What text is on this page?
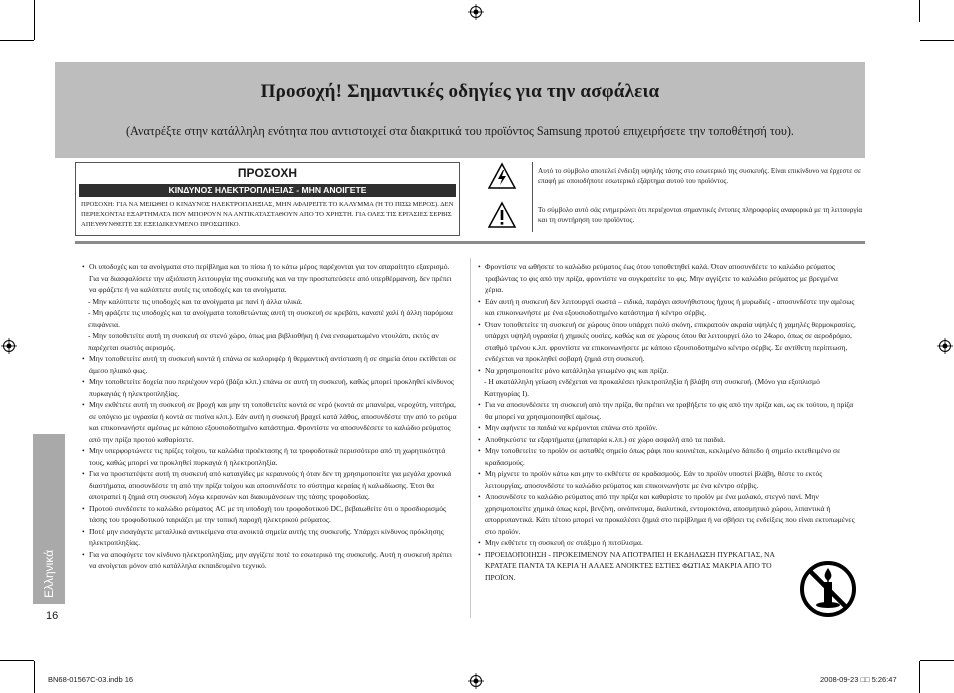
Προσοχή! Σημαντικές οδηγίες για την ασφάλεια
(Ανατρέξτε στην κατάλληλη ενότητα που αντιστοιχεί στα διακριτικά του προϊόντος Samsung προτού επιχειρήσετε την τοποθέτησή του).
ΠΡΟΣΟΧΗ
ΚΙΝΔΥΝΟΣ ΗΛΕΚΤΡΟΠΛΗΞΙΑΣ - ΜΗΝ ΑΝΟΙΓΕΤΕ
ΠΡΟΣΟΧΗ: ΓΙΑ ΝΑ ΜΕΙΩΘΕΙ Ο ΚΙΝΔΥΝΟΣ ΗΛΕΚΤΡΟΠΛΗΞΙΑΣ, ΜΗΝ ΑΦΑΙΡΕΙΤΕ ΤΟ ΚΑΛΥΜΜΑ (Ή ΤΟ ΠΙΣΩ ΜΕΡΟΣ). ΔΕΝ ΠΕΡΙΕΧΟΝΤΑΙ ΕΞΑΡΤΗΜΑΤΑ ΠΟΥ ΜΠΟΡΟΥΝ ΝΑ ΑΝΤΙΚΑΤΑΣΤΑΘΟΥΝ ΑΠΟ ΤΟ ΧΡΗΣΤΗ. ΓΙΑ ΟΛΕΣ ΤΙΣ ΕΡΓΑΣΙΕΣ ΣΕΡΒΙΣ ΑΠΕΥΘΥΝΘΕΙΤΕ ΣΕ ΕΞΕΙΔΙΚΕΥΜΕΝΟ ΠΡΟΣΩΠΙΚΟ.
Αυτό το σύμβολο αποτελεί ένδειξη υψηλής τάσης στο εσωτερικό της συσκευής. Είναι επικίνδυνο να έρχεστε σε επαφή με οποιοδήποτε εσωτερικό εξάρτημα αυτού του προϊόντος.
Το σύμβολο αυτό σάς ενημερώνει ότι περιέχονται σημαντικές έντυπες πληροφορίες αναφορικά με τη λειτουργία και τη συντήρηση του προϊόντος.
• Οι υποδοχές και τα ανοίγματα στο περίβλημα και το πίσω ή το κάτω μέρος παρέχονται για τον απαραίτητο εξαερισμό. Για να διασφαλίσετε την αξιόπιστη λειτουργία της συσκευής και να την προστατεύσετε από υπερθέρμανση, δεν πρέπει να φράζετε ή να καλύπτετε αυτές τις υποδοχές και τα ανοίγματα.
- Μην καλύπτετε τις υποδοχές και τα ανοίγματα με πανί ή άλλα υλικά.
- Μη φράζετε τις υποδοχές και τα ανοίγματα τοποθετώντας αυτή τη συσκευή σε κρεβάτι, καναπέ χαλί ή άλλη παρόμοια επιφάνεια.
- Μην τοποθετείτε αυτή τη συσκευή σε στενό χώρο, όπως μια βιβλιοθήκη ή ένα ενσωματωμένο ντουλάπι, εκτός αν παρέχεται σωστός αερισμός.
• Μην τοποθετείτε αυτή τη συσκευή κοντά ή επάνω σε καλοριφέρ ή θερμαντική αντίσταση ή σε σημεία όπου εκτίθεται σε άμεσο ηλιακό φως.
• Μην τοποθετείτε δοχεία που περιέχουν νερό (βάζα κλπ.) επάνω σε αυτή τη συσκευή, καθώς μπορεί προκληθεί κίνδυνος πυρκαγιάς ή ηλεκτροπληξίας.
• Μην εκθέτετε αυτή τη συσκευή σε βροχή και μην τη τοποθετείτε κοντά σε νερό (κοντά σε μπανιέρα, νεροχύτη, νιπτήρα, σε υπόγειο με υγρασία ή κοντά σε πισίνα κλπ.). Εάν αυτή η συσκευή βραχεί κατά λάθος, αποσυνδέστε την από το ρεύμα και επικοινωνήστε αμέσως με κάποιο εξουσιοδοτημένο κατάστημα. Φροντίστε να αποσυνδέσετε το καλώδιο ρεύματος από την πρίζα προτού καθαρίσετε.
• Μην υπερφορτώνετε τις πρίζες τοίχου, τα καλώδια προέκτασης ή τα τροφοδοτικά περισσότερο από τη χωρητικότητά τους, καθώς μπορεί να προκληθεί πυρκαγιά ή ηλεκτροπληξία.
• Για να προστατέψετε αυτή τη συσκευή από καταιγίδες με κεραυνούς ή όταν δεν τη χρησιμοποιείτε για μεγάλα χρονικά διαστήματα, αποσυνδέστε τη από την πρίζα τοίχου και αποσυνδέστε το σύστημα κεραίας ή καλωδίωσης. Έτσι θα αποτραπεί η ζημιά στη συσκευή λόγω κεραυνών και διακυμάνσεων της τάσης τροφοδοσίας.
• Προτού συνδέσετε το καλώδιο ρεύματος AC με τη υποδοχή του τροφοδοτικού DC, βεβαιωθείτε ότι ο προσδιορισμός τάσης του τροφοδοτικού ταιριάζει με την τοπική παροχή ηλεκτρικού ρεύματος.
• Ποτέ μην εισαγάγετε μεταλλικά αντικείμενα στα ανοικτά σημεία αυτής της συσκευής. Υπάρχει κίνδυνος πρόκλησης ηλεκτροπληξίας.
• Για να αποφύγετε τον κίνδυνο ηλεκτροπληξίας, μην αγγίζετε ποτέ το εσωτερικό της συσκευής. Αυτή η συσκευή πρέπει να ανοίγεται μόνον από κατάλληλα εκπαιδευμένο τεχνικό.
• Φροντίστε να ωθήσετε το καλώδιο ρεύματος έως ότου τοποθετηθεί καλά. Όταν αποσυνδέετε το καλώδιο ρεύματος τραβώντας το φις από την πρίζα, φροντίστε να συγκρατείτε το φις. Μην αγγίζετε το καλώδιο ρεύματος με βρεγμένα χέρια.
• Εάν αυτή η συσκευή δεν λειτουργεί σωστά – ειδικά, παράγει ασυνήθιστους ήχους ή μυρωδιές - αποσυνδέστε την αμέσως και επικοινωνήστε με ένα εξουσιοδοτημένο κατάστημα ή κέντρο σέρβις.
• Όταν τοποθετείτε τη συσκευή σε χώρους όπου υπάρχει πολύ σκόνη, επικρατούν ακραία υψηλές ή χαμηλές θερμοκρασίες, υπάρχει υψηλή υγρασία ή χημικές ουσίες, καθώς και σε χώρους όπου θα λειτουργεί όλο το 24ωρο, όπως σε αεροδρόμιο, σταθμό τρένου κ.λπ. φροντίστε να επικοινωνήσετε με κάποιο εξουσιοδοτημένο κέντρο σέρβις. Σε αντίθετη περίπτωση, ενδέχεται να προκληθεί σοβαρή ζημιά στη συσκευή.
• Να χρησιμοποιείτε μόνο κατάλληλα γειωμένο φις και πρίζα.
- Η ακατάλληλη γείωση ενδέχεται να προκαλέσει ηλεκτροπληξία ή βλάβη στη συσκευή. (Μόνο για εξοπλισμό Κατηγορίας I).
• Για να αποσυνδέσετε τη συσκευή από την πρίζα, θα πρέπει να τραβήξετε το φις από την πρίζα και, ως εκ τούτου, η πρίζα θα μπορεί να χρησιμοποιηθεί αμέσως.
• Μην αφήνετε τα παιδιά να κρέμονται επάνω στο προϊόν.
• Αποθηκεύστε τα εξαρτήματα (μπαταρία κ.λπ.) σε χώρο ασφαλή από τα παιδιά.
• Μην τοποθετείτε το προϊόν σε ασταθές σημείο όπως ράφι που κουνιέται, κεκλιμένο δάπεδο ή σημείο εκτεθειμένο σε κραδασμούς.
• Μη ρίχνετε το προϊόν κάτω και μην το εκθέτετε σε κραδασμούς. Εάν το προϊόν υποστεί βλάβη, θέστε το εκτός λειτουργίας, αποσυνδέστε το καλώδιο ρεύματος και επικοινωνήστε με ένα κέντρο σέρβις.
• Αποσυνδέστε το καλώδιο ρεύματος από την πρίζα και καθαρίστε το προϊόν με ένα μαλακό, στεγνό πανί. Μην χρησιμοποιείτε χημικά όπως κερί, βενζίνη, οινόπνευμα, διαλυτικά, εντομοκτόνα, αποσμητικό χώρου, λιπαντικά ή απορρυπαντικά. Κάτι τέτοιο μπορεί να προκαλέσει ζημιά στο περίβλημα ή να σβήσει τις ενδείξεις που είναι εκτυπωμένες στο προϊόν.
• Μην εκθέτετε τη συσκευή σε στάξιμο ή πιτσίλισμα.
• ΠΡΟΕΙΔΟΠΟΙΗΣΗ - ΠΡΟΚΕΙΜΕΝΟΥ ΝΑ ΑΠΟΤΡΑΠΕΙ Η ΕΚΔΗΛΩΣΗ ΠΥΡΚΑΓΙΑΣ, ΝΑ ΚΡΑΤΑΤΕ ΠΑΝΤΑ ΤΑ ΚΕΡΙΑ Ή ΑΛΛΕΣ ΑΝΟΙΚΤΕΣ ΕΣΤΙΕΣ ΦΩΤΙΑΣ ΜΑΚΡΙΑ ΑΠΟ ΤΟ ΠΡΟΪΟΝ.
Ελληνικά
16
BN68-01567C-03.indb 16	2008-09-23 □□ 5:26:47
